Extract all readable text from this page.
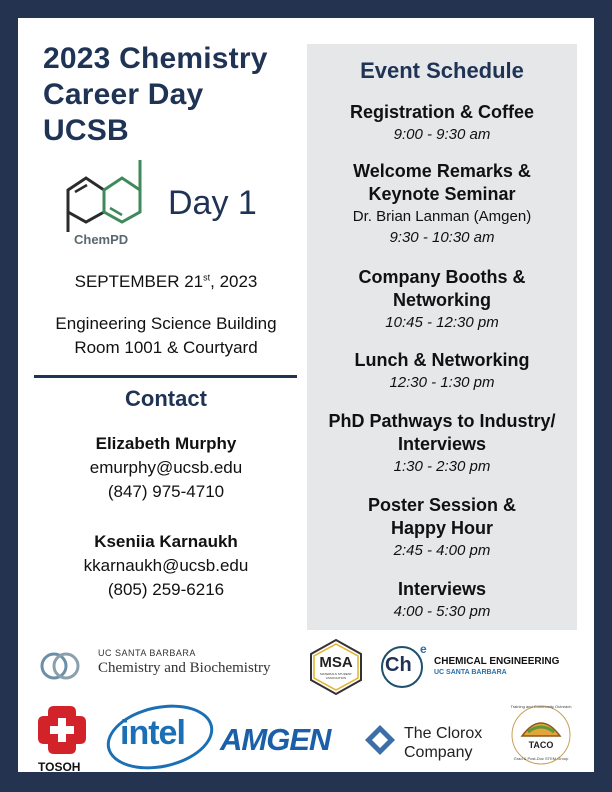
2023 Chemistry
Career Day
UCSB
ChemPD
Day 1
SEPTEMBER 21st, 2023
Engineering Science Building
Room 1001 & Courtyard
Contact
Elizabeth Murphy
emurphy@ucsb.edu
(847) 975-4710
Kseniia Karnaukh
kkarnaukh@ucsb.edu
(805) 259-6216
Event Schedule
Registration & Coffee
9:00 - 9:30 am
Welcome Remarks &
Keynote Seminar
Dr. Brian Lanman (Amgen)
9:30 - 10:30 am
Company Booths &
Networking
10:45 - 12:30 pm
Lunch & Networking
12:30 - 1:30 pm
PhD Pathways to Industry/
Interviews
1:30 - 2:30 pm
Poster Session &
Happy Hour
2:45 - 4:00 pm
Interviews
4:00 - 5:30 pm
UC SANTA BARBARA
Chemistry and Biochemistry	MSA
MATERIALS STUDENT ASSOCIATION
Ch
e
CHEMICAL ENGINEERING
UC SANTA BARBARA
TOSOH
intel AMGEN	The Clorox
Company	TACO
Training and Community Outreach
Grad & Post-Doc STEM Group
